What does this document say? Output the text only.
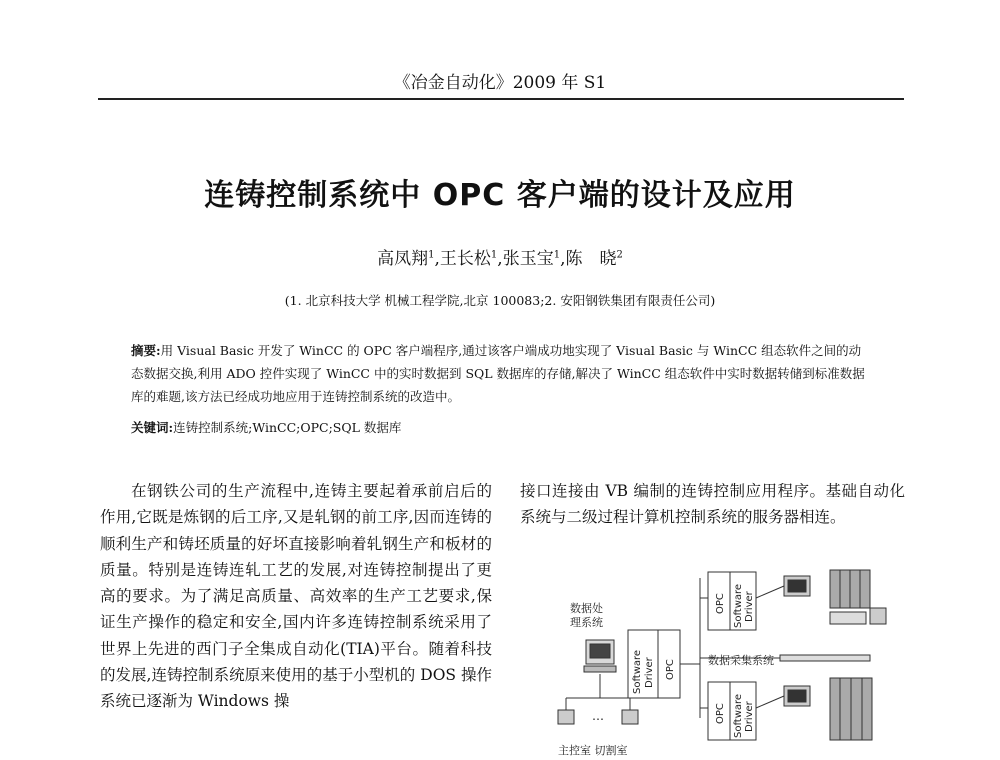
《冶金自动化》2009 年 S1
连铸控制系统中 OPC 客户端的设计及应用
高凤翔$^1$,王长松$^1$,张玉宝$^1$,陈　晓$^2$
(1. 北京科技大学 机械工程学院,北京 100083;2. 安阳钢铁集团有限责任公司)
摘要:用 Visual Basic 开发了 WinCC 的 OPC 客户端程序,通过该客户端成功地实现了 Visual Basic 与 WinCC 组态软件之间的动态数据交换,利用 ADO 控件实现了 WinCC 中的实时数据到 SQL 数据库的存储,解决了 WinCC 组态软件中实时数据转储到标准数据库的难题,该方法已经成功地应用于连铸控制系统的改造中。
关键词:连铸控制系统;WinCC;OPC;SQL 数据库
在钢铁公司的生产流程中,连铸主要起着承前启后的作用,它既是炼钢的后工序,又是轧钢的前工序,因而连铸的顺利生产和铸坯质量的好坏直接影响着轧钢生产和板材的质量。特别是连铸连轧工艺的发展,对连铸控制提出了更高的要求。为了满足高质量、高效率的生产工艺要求,保证生产操作的稳定和安全,国内许多连铸控制系统采用了世界上先进的西门子全集成自动化(TIA)平台。随着科技的发展,连铸控制系统原来使用的基于小型机的 DOS 操作系统已逐渐为 Windows 操
接口连接由 VB 编制的连铸控制应用程序。基础自动化系统与二级过程计算机控制系统的服务器相连。
数据处
理系统
数据采集系统
主控室 切割室
…
Software Driver OPC
OPC Software Driver
OPC Software Driver
